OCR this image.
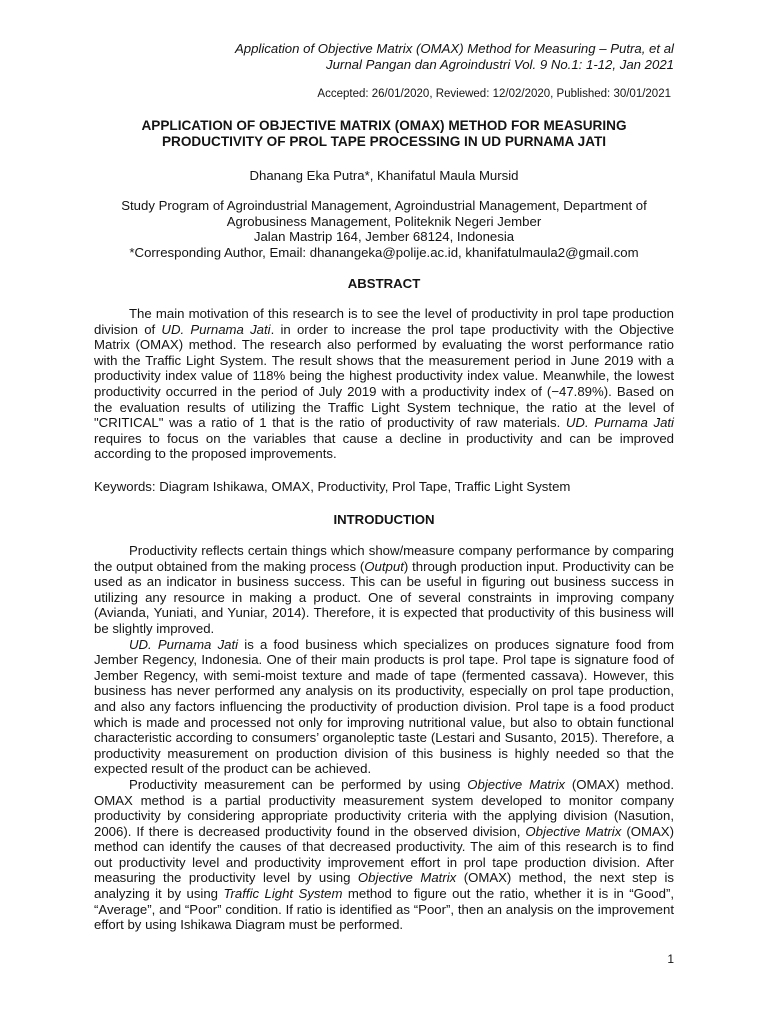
Application of Objective Matrix (OMAX) Method for Measuring – Putra, et al
Jurnal Pangan dan Agroindustri Vol. 9 No.1: 1-12, Jan 2021
Accepted: 26/01/2020, Reviewed: 12/02/2020, Published: 30/01/2021
APPLICATION OF OBJECTIVE MATRIX (OMAX) METHOD FOR MEASURING
PRODUCTIVITY OF PROL TAPE PROCESSING IN UD PURNAMA JATI
Dhanang Eka Putra*, Khanifatul Maula Mursid
Study Program of Agroindustrial Management, Agroindustrial Management, Department of
Agrobusiness Management, Politeknik Negeri Jember
Jalan Mastrip 164, Jember 68124, Indonesia
*Corresponding Author, Email: dhanangeka@polije.ac.id, khanifatulmaula2@gmail.com
ABSTRACT

The main motivation of this research is to see the level of productivity in prol tape production division of UD. Purnama Jati. in order to increase the prol tape productivity with the Objective Matrix (OMAX) method. The research also performed by evaluating the worst performance ratio with the Traffic Light System. The result shows that the measurement period in June 2019 with a productivity index value of 118% being the highest productivity index value. Meanwhile, the lowest productivity occurred in the period of July 2019 with a productivity index of (−47.89%). Based on the evaluation results of utilizing the Traffic Light System technique, the ratio at the level of "CRITICAL" was a ratio of 1 that is the ratio of productivity of raw materials. UD. Purnama Jati requires to focus on the variables that cause a decline in productivity and can be improved according to the proposed improvements.

Keywords: Diagram Ishikawa, OMAX, Productivity, Prol Tape, Traffic Light System
INTRODUCTION

Productivity reflects certain things which show/measure company performance by comparing the output obtained from the making process (Output) through production input. Productivity can be used as an indicator in business success. This can be useful in figuring out business success in utilizing any resource in making a product. One of several constraints in improving company (Avianda, Yuniati, and Yuniar, 2014). Therefore, it is expected that productivity of this business will be slightly improved.

UD. Purnama Jati is a food business which specializes on produces signature food from Jember Regency, Indonesia. One of their main products is prol tape. Prol tape is signature food of Jember Regency, with semi-moist texture and made of tape (fermented cassava). However, this business has never performed any analysis on its productivity, especially on prol tape production, and also any factors influencing the productivity of production division. Prol tape is a food product which is made and processed not only for improving nutritional value, but also to obtain functional characteristic according to consumers’ organoleptic taste (Lestari and Susanto, 2015). Therefore, a productivity measurement on production division of this business is highly needed so that the expected result of the product can be achieved.

Productivity measurement can be performed by using Objective Matrix (OMAX) method. OMAX method is a partial productivity measurement system developed to monitor company productivity by considering appropriate productivity criteria with the applying division (Nasution, 2006). If there is decreased productivity found in the observed division, Objective Matrix (OMAX) method can identify the causes of that decreased productivity. The aim of this research is to find out productivity level and productivity improvement effort in prol tape production division. After measuring the productivity level by using Objective Matrix (OMAX) method, the next step is analyzing it by using Traffic Light System method to figure out the ratio, whether it is in “Good”, “Average”, and “Poor” condition. If ratio is identified as “Poor”, then an analysis on the improvement effort by using Ishikawa Diagram must be performed.

1
